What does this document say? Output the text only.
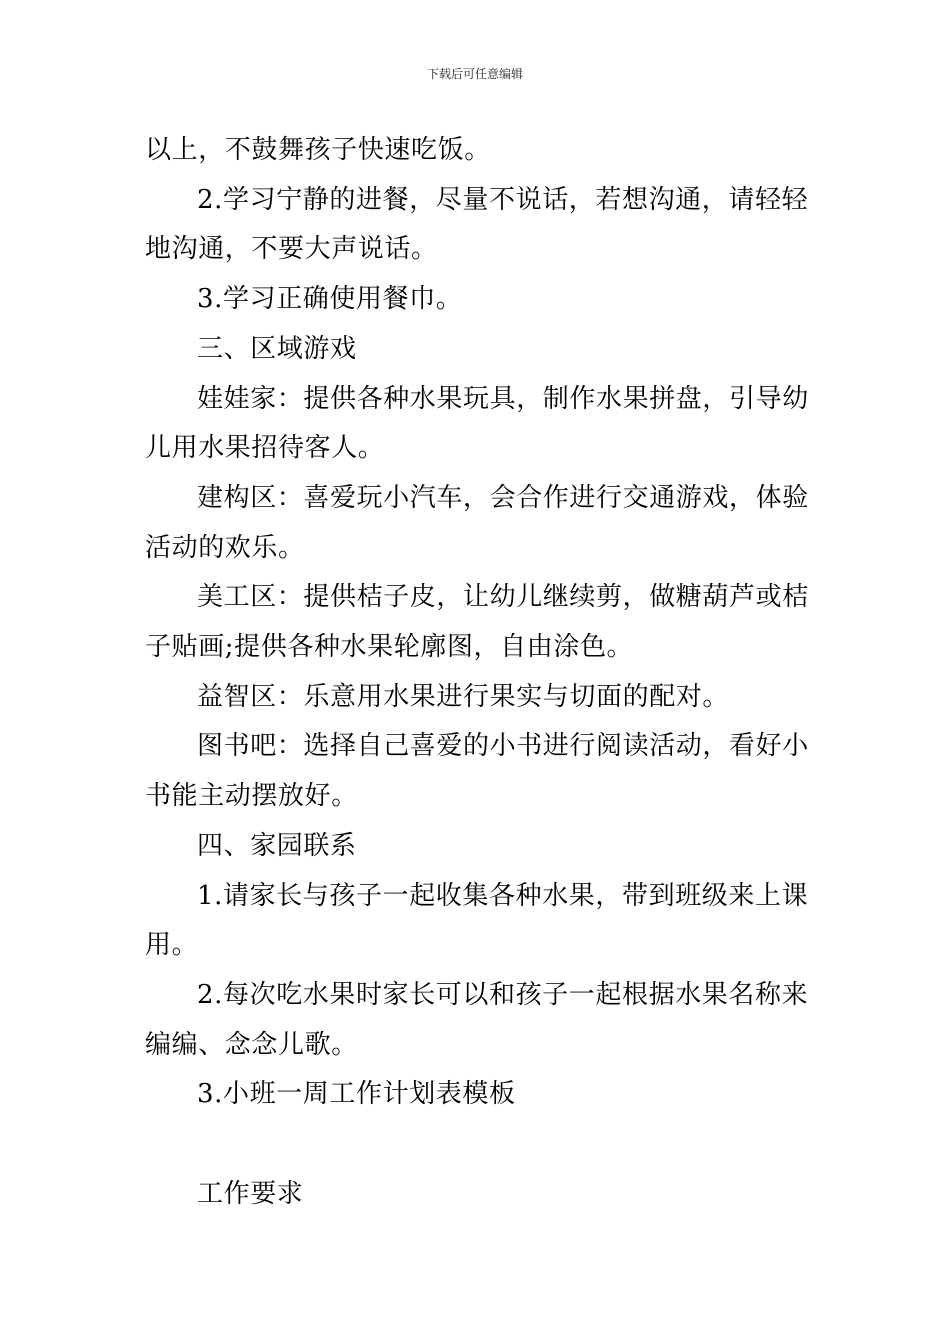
下载后可任意编辑

以上，不鼓舞孩子快速吃饭。

2.学习宁静的进餐，尽量不说话，若想沟通，请轻轻地沟通，不要大声说话。

3.学习正确使用餐巾。

三、区域游戏

娃娃家：提供各种水果玩具，制作水果拼盘，引导幼儿用水果招待客人。

建构区：喜爱玩小汽车，会合作进行交通游戏，体验活动的欢乐。

美工区：提供桔子皮，让幼儿继续剪，做糖葫芦或桔子贴画;提供各种水果轮廓图，自由涂色。

益智区：乐意用水果进行果实与切面的配对。

图书吧：选择自己喜爱的小书进行阅读活动，看好小书能主动摆放好。

四、家园联系

1.请家长与孩子一起收集各种水果，带到班级来上课用。

2.每次吃水果时家长可以和孩子一起根据水果名称来编编、念念儿歌。

3.小班一周工作计划表模板

工作要求
